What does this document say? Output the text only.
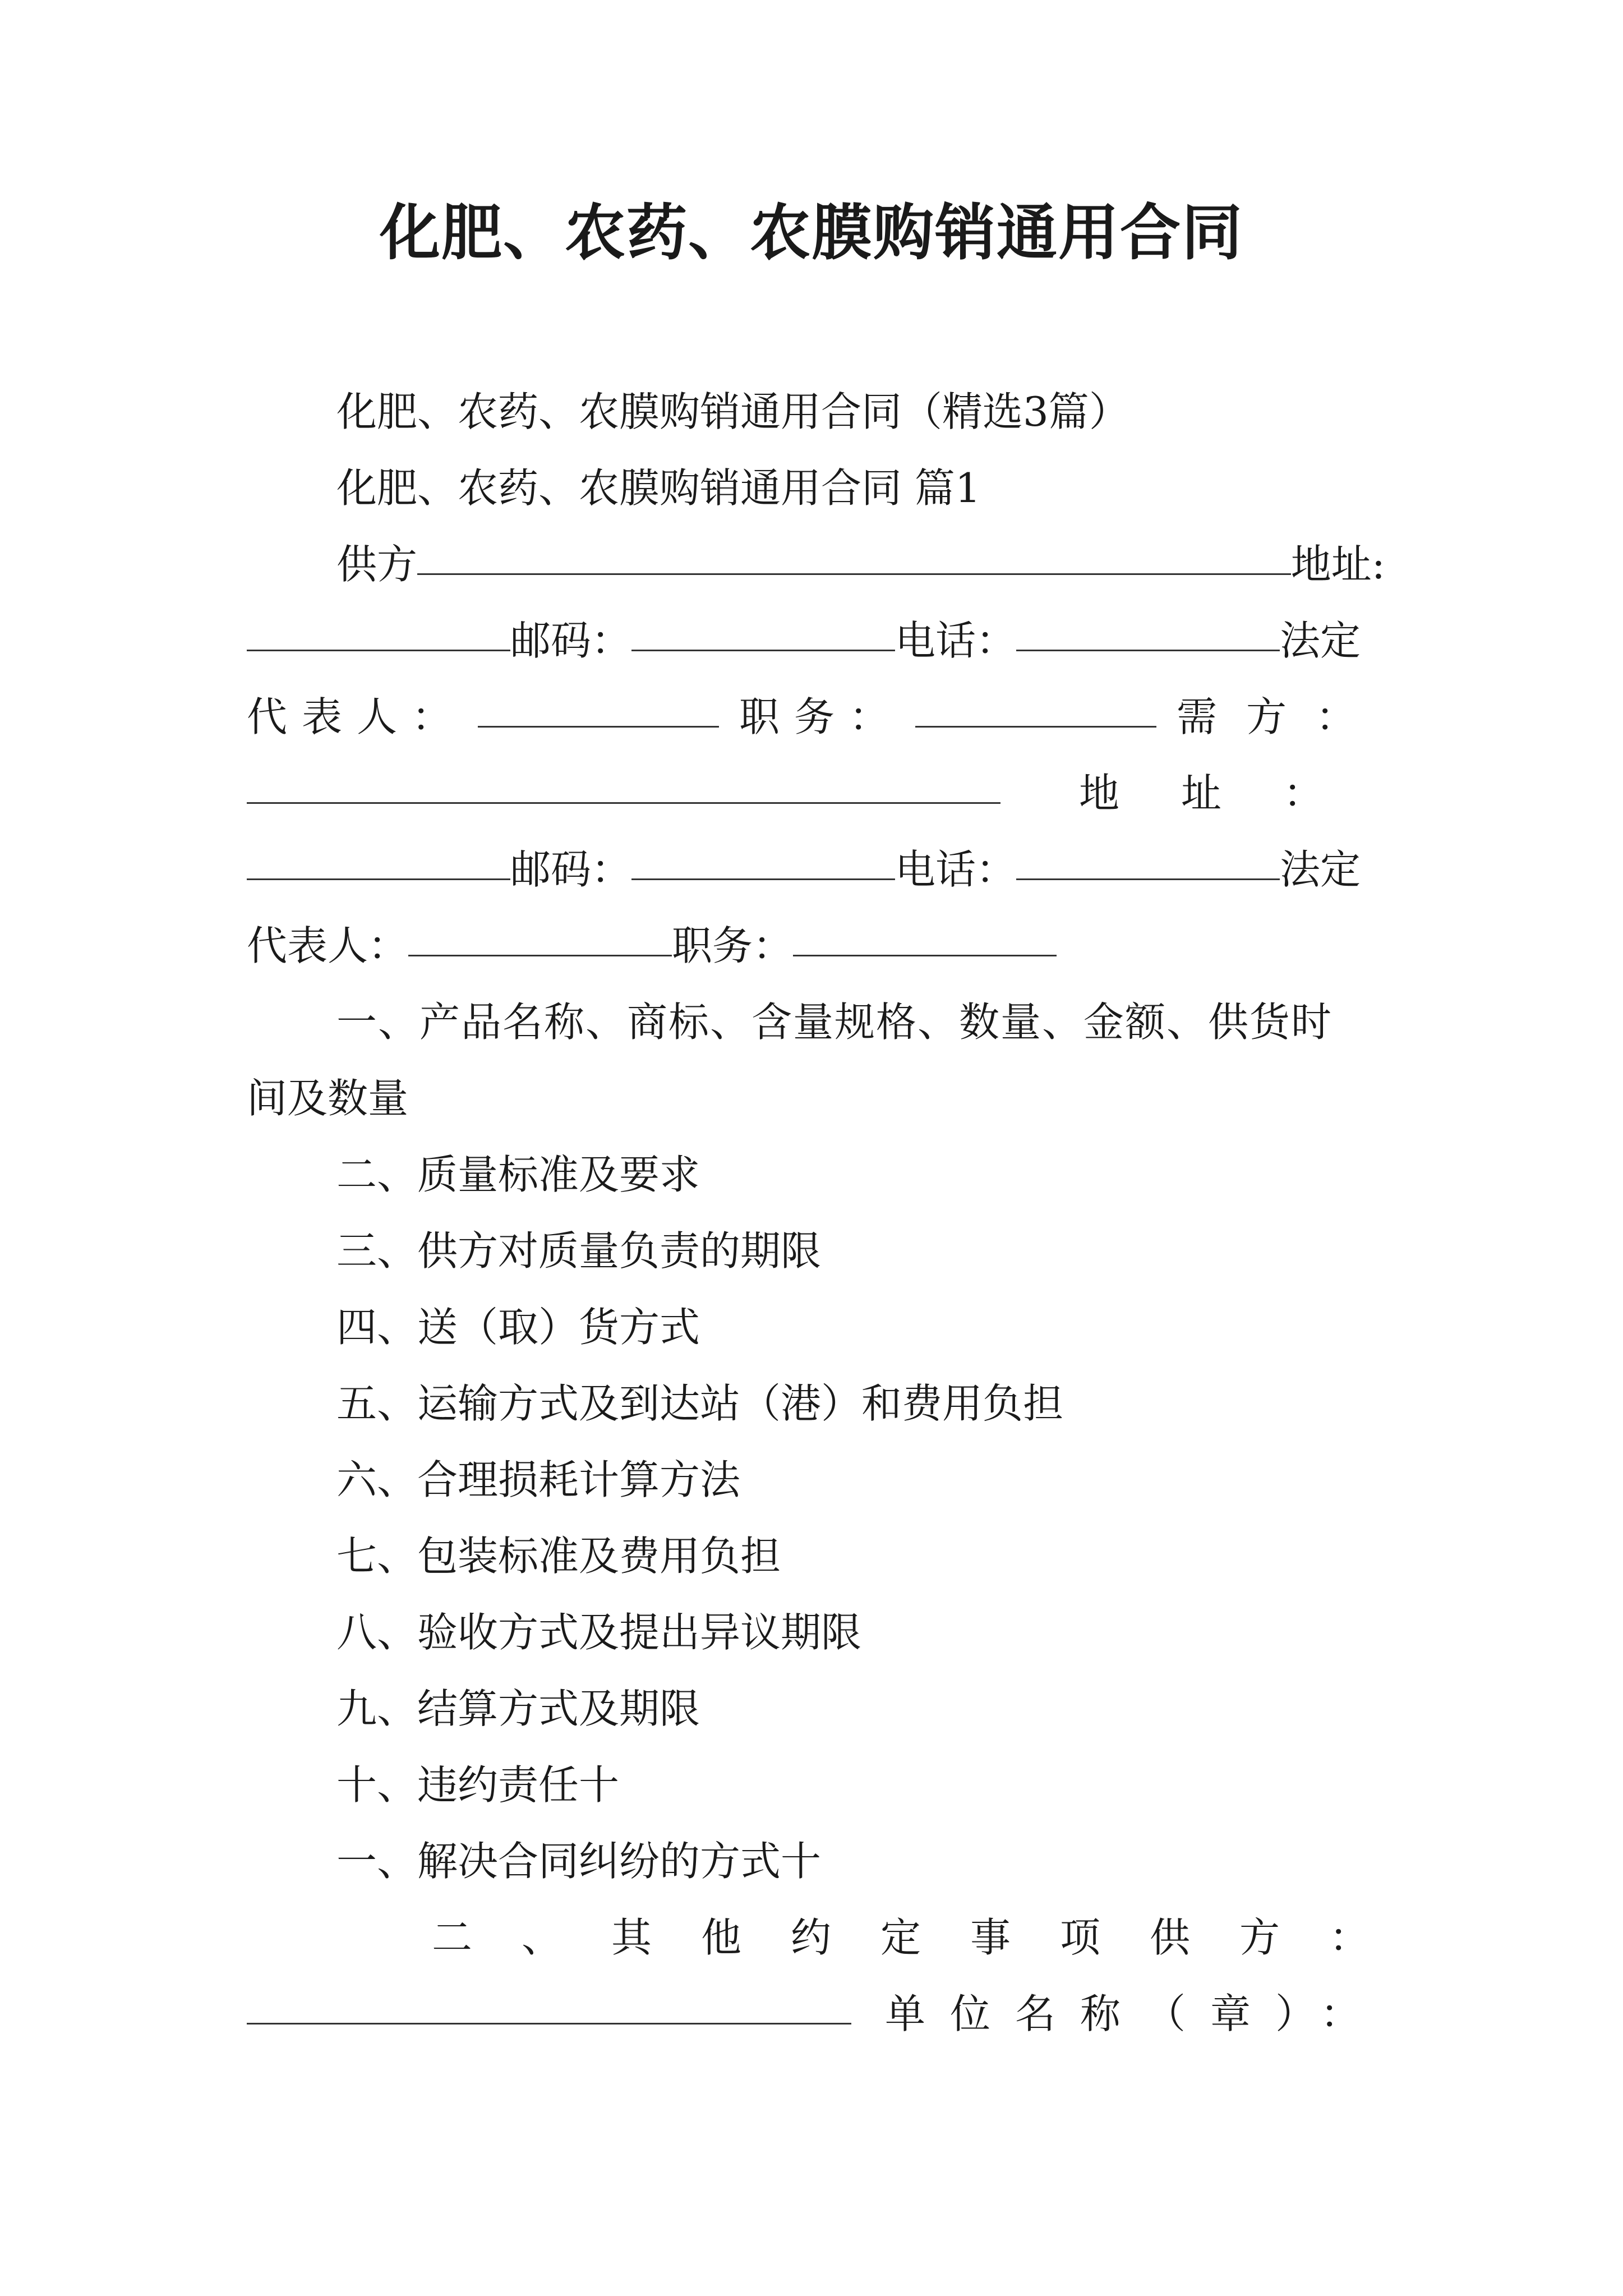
化肥、农药、农膜购销通用合同
化肥、农药、农膜购销通用合同（精选3篇）
化肥、农药、农膜购销通用合同 篇1
供方	地址:
邮码：	电话：	法定
代表人：	职务：	需方：
地址：
邮码：	电话：	法定
代表人：	职务：
一、产品名称、商标、含量规格、数量、金额、供货时
间及数量
二、质量标准及要求
三、供方对质量负责的期限
四、送（取）货方式
五、运输方式及到达站（港）和费用负担
六、合理损耗计算方法
七、包装标准及费用负担
八、验收方式及提出异议期限
九、结算方式及期限
十、违约责任十
一、解决合同纠纷的方式十
二、其他约定事项供方：
单位名称（章）：
